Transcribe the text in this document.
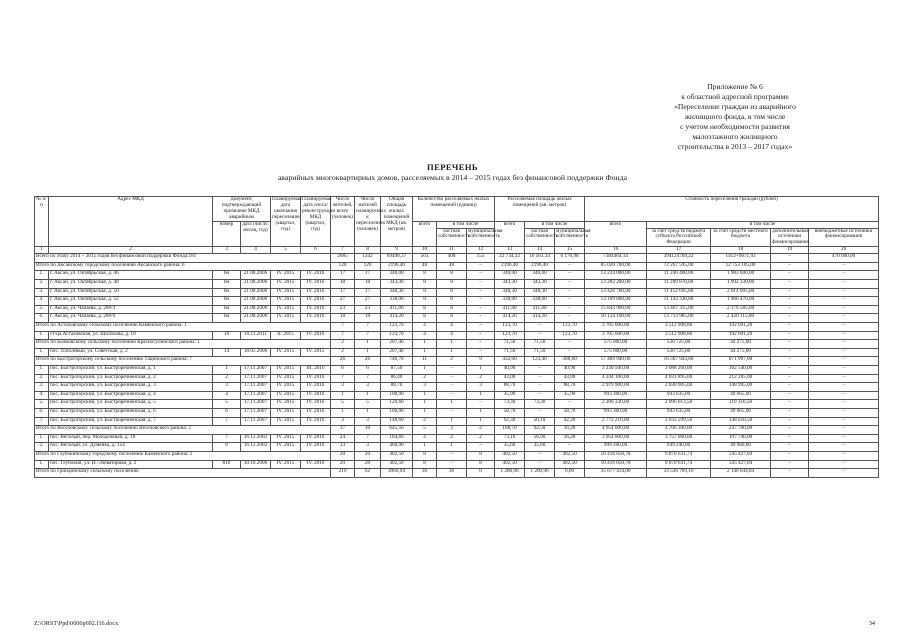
Приложение № 6
к областной адресной программе
«Переселение граждан из аварийного
жилищного фонда, в том числе
с учетом необходимости развития
малоэтажного жилищного
строительства в 2013 – 2017 годах»
ПЕРЕЧЕНЬ
аварийных многоквартирных домов, расселяемых в 2014 – 2015 годах без финансовой поддержки Фонда
№ п/п	Адрес МКД	Документ, подтверждающий признание МКД аварийным		Планируемая дата окончания переселения (квартал, год)	Планируемая дата сноса/реконструкции МКД (квартал, год)	Число жителей, всего (человек)	Число жителей планируемых к переселению (человек)	Общая площадь жилых помещений МКД (кв. метров)	Количество расселяемых жилых помещений (единиц)			Расселяемая площадь жилых помещений (кв. метров)			Стоимость переселения граждан (рублей)				
		номер	дата (число, месяц, год)						всего	в том числе		всего	в том числе		всего	в том числе			
										частная собственность	муниципальная собственность		частная собственность	муниципальная собственность		за счет средств бюджета субъекта Российской Федерации	за счет средств местного бюджета	дополнительные источники финансирования	внебюджетные источники финансирования
1	2	3	4	5	6	7	8	9	10	11	12	13	14	15	16	17	18	19	20
Всего по этапу 2014 – 2015 годов без финансовой поддержки Фонда:181						2685	1342	69498,37	563	408	155	22 734,32	16 563,34	6 170,98	7384464,14	394124769,22	1412+9871,92	–	470 000,00
Итого по Аксайскому городскому поселению Аксайского района: 6						120	120	2196,40	48	48	–	2196,40	2196,40	–	85 020 700,00	72 267 595,00	12 753 105,00	–	–
1.	г. Аксай, ул. Октябрьская, д. 46	6н	21.08.2006	IV. 2015	IV. 2016	17	17	340,00	8	8	–	340,00	340,00	–	13 224 000,00	11 240 400,00	1 983 600,00	–	–
2.	г. Аксай, ул. Октябрьская, д. 48	6н	21.08.2006	IV. 2015	IV. 2016	18	18	343,30	8	8	–	343,30	343,30	–	13 282 200,00	11 289 870,00	1 992 330,00	–	–
3.	г. Аксай, ул. Октябрьская, д. 50	6н	21.08.2006	IV. 2015	IV. 2016	17	17	348,30	8	8	–	348,30	348,30	–	13 426 700,00	11 412 695,00	2 014 005,00	–	–
4.	г. Аксай, ул. Октябрьская, д. 52	6н	21.08.2006	IV. 2015	IV. 2016	27	27	338,00	8	8	–	338,00	338,00	–	13 109 800,00	11 143 330,00	1 966 470,00	–	–
5.	г. Аксай, ул. Чапаева, д. 289/3	6н	21.08.2006	IV. 2015	IV. 2016	23	23	411,80	8	8	–	411,80	411,80	–	15 843 900,00	13 467 315,00	2 376 585,00	–	–
6.	г. Аксай, ул. Чапаева, д. 289/6	6н	21.08.2006	IV. 2015	IV. 2016	18	18	414,20	8	8	–	414,20	414,20	–	16 134 100,00	13 713 985,00	2 420 115,00	–	–
Итого по Астаховскому сельскому поселению Каменского района: 1						7	7	123,70	4	4	–	123,70	–	123,70	3 705 600,00	3 512 908,80	192 691,20	–	–
1.	ст-ца Астаховская, ул. Шолохова, д. 10	18	10.11.2011	II. 2015	IV. 2016	7	7	123,70	4	4	–	123,70	–	123,70	3 705 600,00	3 512 908,80	192 691,20	–	–
Итого по Божковскому сельскому поселению Красносулинского района: 1						2	1	207,40	1	1	–	71,50	71,50	–	575 000,00	530 725,00	44 275,00	–	–
1.	пос. Тополевый, ул. Советская, д. 2	14	18.05.2006	IV. 2015	IV. 2015	2	1	207,40	1	1	–	71,50	71,50	–	575 000,00	530 725,00	44 275,00	–	–
Итого по Быстрогорскому сельскому поселению Тацинского района: 7						26	26	746,70	11	2	9	432,00	123,40	308,60	17 489 940,00	16 567 943,00	871 997,00	–	–
1.	пос. Быстрогорский, ул. Быстроречненская, д. 1	1	17.11.2007	IV. 2015	III. 2016	6	6	87,50	1	–	1	40,90	–	40,90	3 230 500,00	3 088 260,00	162 540,00	–	–
2.	пос. Быстрогорский, ул. Быстроречненская, д. 2	2	17.11.2007	IV. 2015	IV. 2016	7	7	86,40	2	–	2	43,00	–	43,00	4 244 100,00	4 031 895,00	212 205,00	–	–
3.	пос. Быстрогорский, ул. Быстроречненская, д. 3	3	17.11.2007	IV. 2015	IV. 2016	3	3	88,70	3	–	3	88,70	–	88,70	2 979 900,00	2 830 905,00	148 995,00	–	–
4.	пос. Быстрогорский, ул. Быстроречненская, д. 4	4	17.11.2007	IV. 2015	IV. 2016	1	1	108,90	1	–	1	35,90	–	35,90	993 300,00	943 635,00	49 665,00	–	–
5.	пос. Быстрогорский, ул. Быстроречненская, д. 5	5	17.11.2007	IV. 2015	IV. 2016	5	5	120,60	1	1	–	73,30	73,30	–	2 206 330,00	2 096 013,50	110 316,50	–	–
6.	пос. Быстрогорский, ул. Быстроречненская, д. 6	6	17.11.2007	IV. 2015	IV. 2016	1	1	106,00	1	–	1	58,70	–	58,70	993 300,00	943 635,00	49 665,00	–	–
7.	пос. Быстрогорский, ул. Быстроречненская, д. 7	7	17.11.2007	IV. 2015	IV. 2016	3	3	148,60	2	1	1	92,30	50,10	42,20	2 772 210,00	2 633 599,50	138 610,50	–	–
Итого по Веселовскому сельскому поселению Веселовского района: 2						37	10	645,56	5	3	2	108,70	92,50	16,20	4 954 000,00	4 706 300,00	247 700,00	–	–
1.	пос. Веселый, пер. Молодежный, д. 18	7	16.12.2002	IV. 2015	IV. 2016	24	7	184,66	4	2	2	73,10	56,90	16,20	3 954 800,00	3 757 060,00	197 740,00	–	–
2.	пос. Веселый, ул. Думенко, д. 154	8	16.12.2002	IV. 2015	IV. 2016	13	3	460,90	1	1	–	35,60	35,60	–	999 200,00	949 240,00	49 960,00	–	–
Итого по Глубокинскому городскому поселению Каменского района: 1						20	20	402,50	8	–	8	402,50	–	402,50	10 416 058,78	9 870 631,74	545 427,04	–	–
1.	пос. Глубокий, ул. Н.-Элеваторная, д. 2	816	30.10.2006	IV. 2015	IV. 2016	20	20	402,50	8	–	8	402,50	–	402,50	10 416 058,78	9 870 631,74	545 427,04	–	–
Итого по Гриндинскому сельскому поселению						219	62	4960,94	36	36	0	1 280,96	1 280,96	0,00	35 677 414,00	33 536 769,16	2 140 644,84	–	–
Z:\ORST\Ppd\0606p692.f16.docx	34
